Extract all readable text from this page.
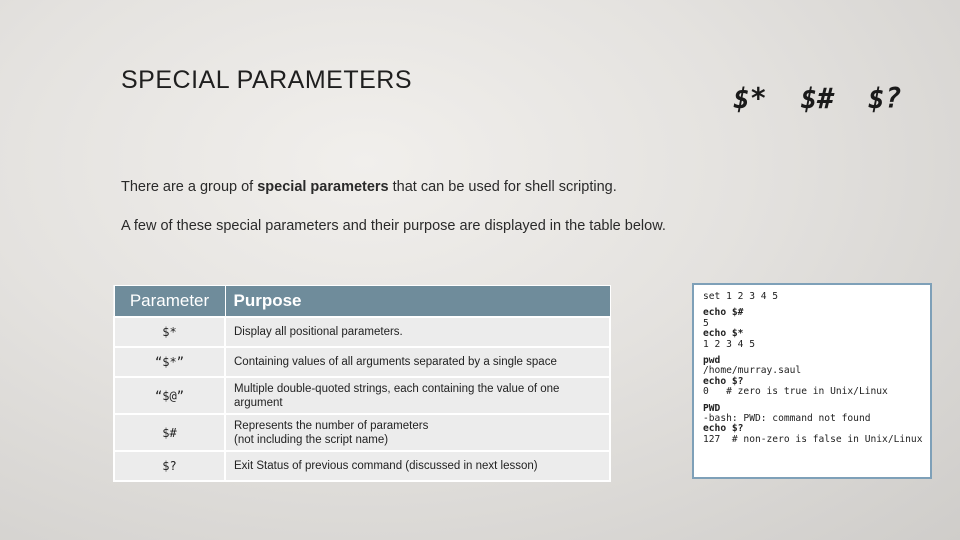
SPECIAL PARAMETERS
$*  $#  $?
There are a group of special parameters that can be used for shell scripting.
A few of these special parameters and their purpose are displayed in the table below.
Parameter	Purpose
$*	Display all positional parameters.
“$*”	Containing values of all arguments separated by a single space
“$@”	Multiple double-quoted strings, each containing the value of one argument
$#	Represents the number of parameters
(not including the script name)

$?	Exit Status of previous command (discussed in next lesson)
set 1 2 3 4 5
echo $#
5
echo $*
1 2 3 4 5
pwd
/home/murray.saul
echo $?
0   # zero is true in Unix/Linux
PWD
-bash: PWD: command not found
echo $?
127  # non-zero is false in Unix/Linux
